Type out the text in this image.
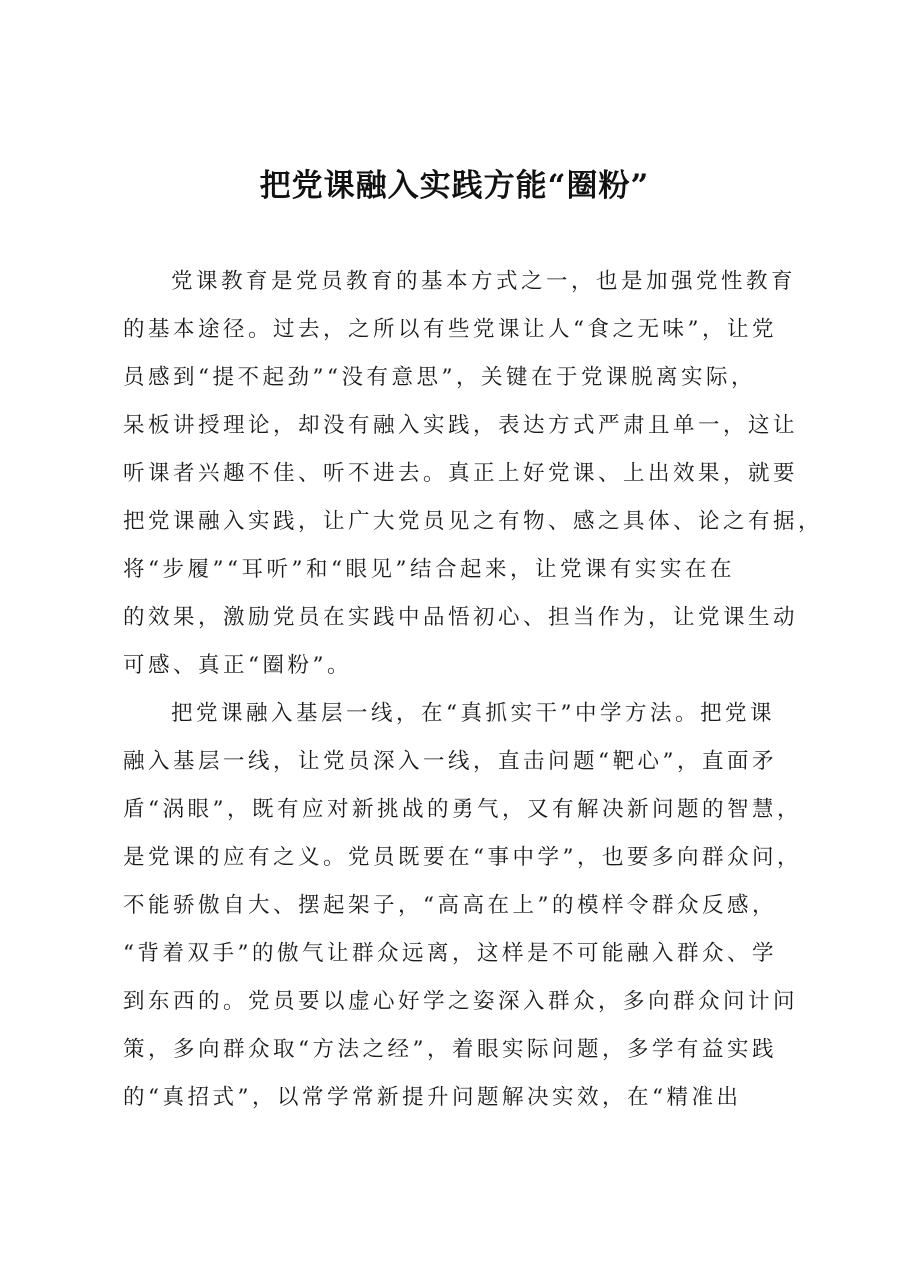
把党课融入实践方能“圈粉”
党课教育是党员教育的基本方式之一，也是加强党性教育
的基本途径。过去，之所以有些党课让人“食之无味”，让党
员感到“提不起劲”“没有意思”，关键在于党课脱离实际，
呆板讲授理论，却没有融入实践，表达方式严肃且单一，这让
听课者兴趣不佳、听不进去。真正上好党课、上出效果，就要
把党课融入实践，让广大党员见之有物、感之具体、论之有据，
将“步履”“耳听”和“眼见”结合起来，让党课有实实在在
的效果，激励党员在实践中品悟初心、担当作为，让党课生动
可感、真正“圈粉”。
把党课融入基层一线，在“真抓实干”中学方法。把党课
融入基层一线，让党员深入一线，直击问题“靶心”，直面矛
盾“涡眼”，既有应对新挑战的勇气，又有解决新问题的智慧，
是党课的应有之义。党员既要在“事中学”，也要多向群众问，
不能骄傲自大、摆起架子，“高高在上”的模样令群众反感，
“背着双手”的傲气让群众远离，这样是不可能融入群众、学
到东西的。党员要以虚心好学之姿深入群众，多向群众问计问
策，多向群众取“方法之经”，着眼实际问题，多学有益实践
的“真招式”，以常学常新提升问题解决实效，在“精准出
